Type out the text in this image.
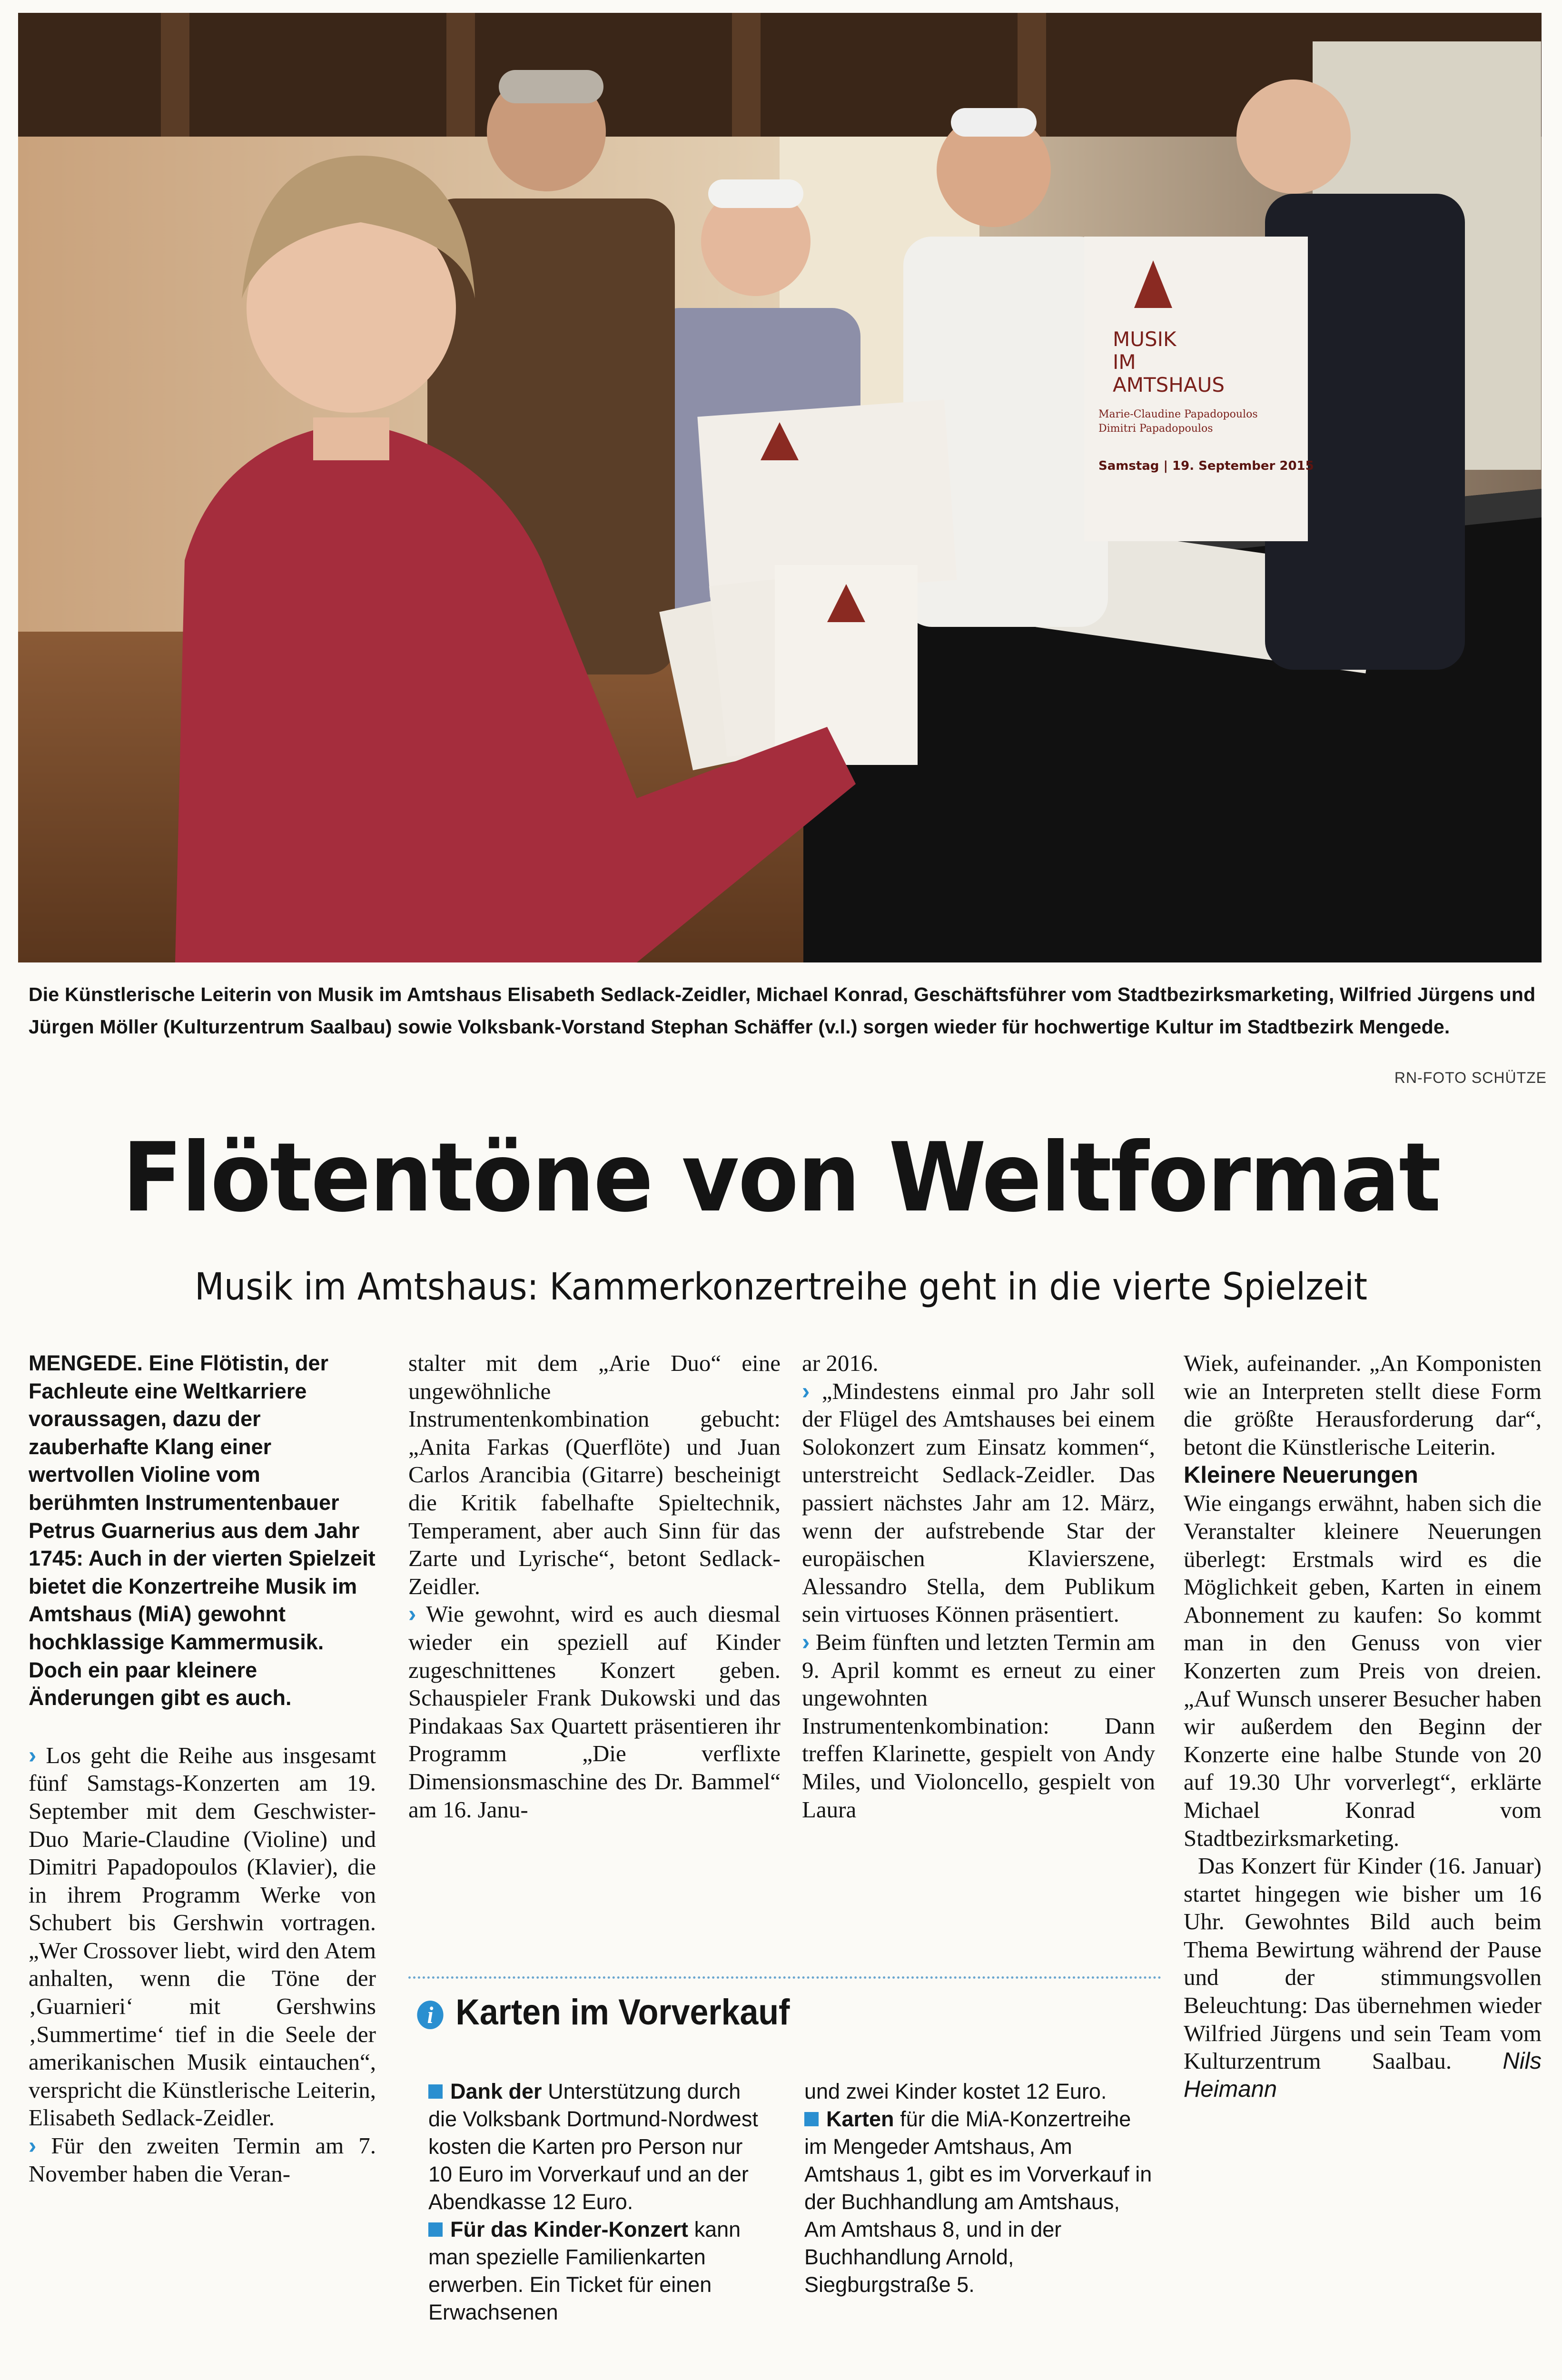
MUSIK
IM
AMTSHAUS
Marie-Claudine Papadopoulos
Dimitri Papadopoulos
Samstag | 19. September 2015
Die Künstlerische Leiterin von Musik im Amtshaus Elisabeth Sedlack-Zeidler, Michael Konrad, Geschäftsführer vom Stadtbezirksmarketing, Wilfried Jürgens und Jürgen Möller (Kulturzentrum Saalbau) sowie Volksbank-Vorstand Stephan Schäffer (v.l.) sorgen wieder für hochwertige Kultur im Stadtbezirk Mengede.
RN-FOTO SCHÜTZE
Flötentöne von Weltformat
Musik im Amtshaus: Kammerkonzertreihe geht in die vierte Spielzeit

MENGEDE. Eine Flötistin, der Fachleute eine Weltkarriere voraussagen, dazu der zauberhafte Klang einer wertvollen Violine vom berühmten Instrumentenbauer Petrus Guarnerius aus dem Jahr 1745: Auch in der vierten Spielzeit bietet die Konzertreihe Musik im Amtshaus (MiA) gewohnt hochklassige Kammermusik. Doch ein paar kleinere Änderungen gibt es auch.

› Los geht die Reihe aus insgesamt fünf Samstags-Konzerten am 19. September mit dem Geschwister-Duo Marie-Claudine (Violine) und Dimitri Papadopoulos (Klavier), die in ihrem Programm Werke von Schubert bis Gershwin vortragen. „Wer Crossover liebt, wird den Atem anhalten, wenn die Töne der ‚Guarnieri‘ mit Gershwins ‚Summertime‘ tief in die Seele der amerikanischen Musik eintauchen“, verspricht die Künstlerische Leiterin, Elisabeth Sedlack-Zeidler.

› Für den zweiten Termin am 7. November haben die Veran-

stalter mit dem „Arie Duo“ eine ungewöhnliche Instrumentenkombination gebucht: „Anita Farkas (Querflöte) und Juan Carlos Arancibia (Gitarre) bescheinigt die Kritik fabelhafte Spieltechnik, Temperament, aber auch Sinn für das Zarte und Lyrische“, betont Sedlack-Zeidler.

› Wie gewohnt, wird es auch diesmal wieder ein speziell auf Kinder zugeschnittenes Konzert geben. Schauspieler Frank Dukowski und das Pindakaas Sax Quartett präsentieren ihr Programm „Die verflixte Dimensionsmaschine des Dr. Bammel“ am 16. Janu-

ar 2016.

› „Mindestens einmal pro Jahr soll der Flügel des Amtshauses bei einem Solokonzert zum Einsatz kommen“, unterstreicht Sedlack-Zeidler. Das passiert nächstes Jahr am 12. März, wenn der aufstrebende Star der europäischen Klavierszene, Alessandro Stella, dem Publikum sein virtuoses Können präsentiert.

› Beim fünften und letzten Termin am 9. April kommt es erneut zu einer ungewohnten Instrumentenkombination: Dann treffen Klarinette, gespielt von Andy Miles, und Violoncello, gespielt von Laura

Wiek, aufeinander. „An Komponisten wie an Interpreten stellt diese Form die größte Herausforderung dar“, betont die Künstlerische Leiterin.

Kleinere Neuerungen

Wie eingangs erwähnt, haben sich die Veranstalter kleinere Neuerungen überlegt: Erstmals wird es die Möglichkeit geben, Karten in einem Abonnement zu kaufen: So kommt man in den Genuss von vier Konzerten zum Preis von dreien. „Auf Wunsch unserer Besucher haben wir außerdem den Beginn der Konzerte eine halbe Stunde von 20 auf 19.30 Uhr vorverlegt“, erklärte Michael Konrad vom Stadtbezirksmarketing.

Das Konzert für Kinder (16. Januar) startet hingegen wie bisher um 16 Uhr. Gewohntes Bild auch beim Thema Bewirtung während der Pause und der stimmungsvollen Beleuchtung: Das übernehmen wieder Wilfried Jürgens und sein Team vom Kulturzentrum Saalbau. Nils Heimann

i Karten im Vorverkauf

Dank der Unterstützung durch die Volksbank Dortmund-Nordwest kosten die Karten pro Person nur 10 Euro im Vorverkauf und an der Abendkasse 12 Euro.

Für das Kinder-Konzert kann man spezielle Familienkarten erwerben. Ein Ticket für einen Erwachsenen

und zwei Kinder kostet 12 Euro.

Karten für die MiA-Konzertreihe im Mengeder Amtshaus, Am Amtshaus 1, gibt es im Vorverkauf in der Buchhandlung am Amtshaus, Am Amtshaus 8, und in der Buchhandlung Arnold, Siegburgstraße 5.
